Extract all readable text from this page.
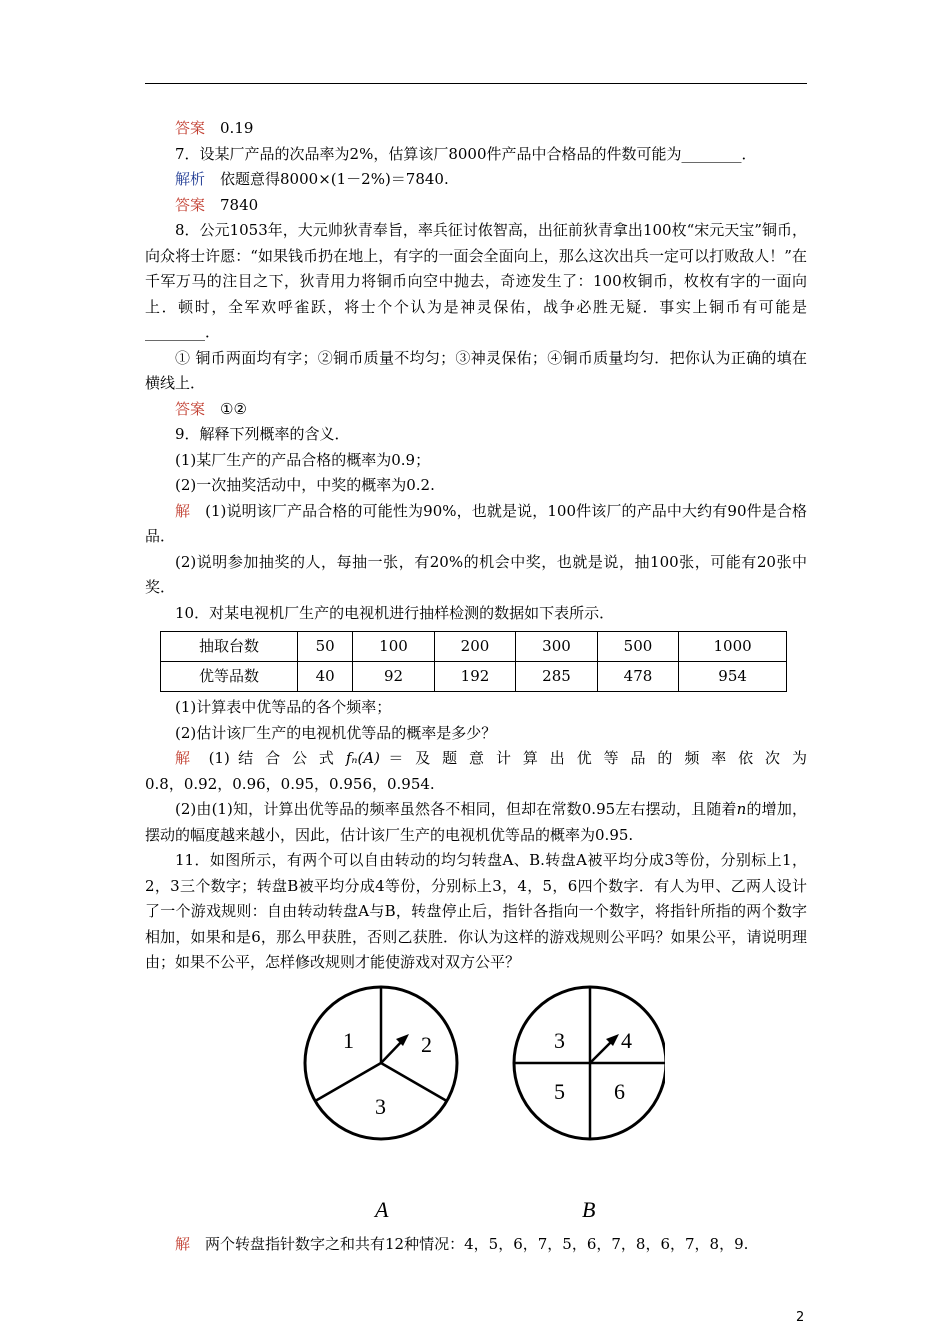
答案 0.19

7．设某厂产品的次品率为2%，估算该厂8000件产品中合格品的件数可能为________．

解析 依题意得8000×(1－2%)＝7840.

答案 7840

8．公元1053年，大元帅狄青奉旨，率兵征讨侬智高，出征前狄青拿出100枚“宋元天宝”铜币，向众将士许愿：“如果钱币扔在地上，有字的一面会全面向上，那么这次出兵一定可以打败敌人！”在千军万马的注目之下，狄青用力将铜币向空中抛去，奇迹发生了：100枚铜币，枚枚有字的一面向上．顿时，全军欢呼雀跃，将士个个认为是神灵保佑，战争必胜无疑．事实上铜币有可能是________．

① 铜币两面均有字；②铜币质量不均匀；③神灵保佑；④铜币质量均匀．把你认为正确的填在横线上．

答案 ①②

9．解释下列概率的含义．

(1)某厂生产的产品合格的概率为0.9；

(2)一次抽奖活动中，中奖的概率为0.2.

解 (1)说明该厂产品合格的可能性为90%，也就是说，100件该厂的产品中大约有90件是合格品．

(2)说明参加抽奖的人，每抽一张，有20%的机会中奖，也就是说，抽100张，可能有20张中奖．

10．对某电视机厂生产的电视机进行抽样检测的数据如下表所示．

抽取台数	50	100	200	300	500	1000
优等品数	40	92	192	285	478	954

(1)计算表中优等品的各个频率；

(2)估计该厂生产的电视机优等品的概率是多少？

解 (1) 结 合 公 式 fₙ(A) ＝ 及 题 意 计 算 出 优 等 品 的 频 率 依 次 为

0.8，0.92，0.96，0.95，0.956，0.954.

(2)由(1)知，计算出优等品的频率虽然各不相同，但却在常数0.95左右摆动，且随着n的增加，摆动的幅度越来越小，因此，估计该厂生产的电视机优等品的概率为0.95.

11．如图所示，有两个可以自由转动的均匀转盘A、B.转盘A被平均分成3等份，分别标上1，2，3三个数字；转盘B被平均分成4等份，分别标上3，4，5，6四个数字．有人为甲、乙两人设计了一个游戏规则：自由转动转盘A与B，转盘停止后，指针各指向一个数字，将指针所指的两个数字相加，如果和是6，那么甲获胜，否则乙获胜．你认为这样的游戏规则公平吗？如果公平，请说明理由；如果不公平，怎样修改规则才能使游戏对双方公平？

1	2
3
A
3	4
5 6
B

解 两个转盘指针数字之和共有12种情况：4，5，6，7，5，6，7，8，6，7，8，9.

2
